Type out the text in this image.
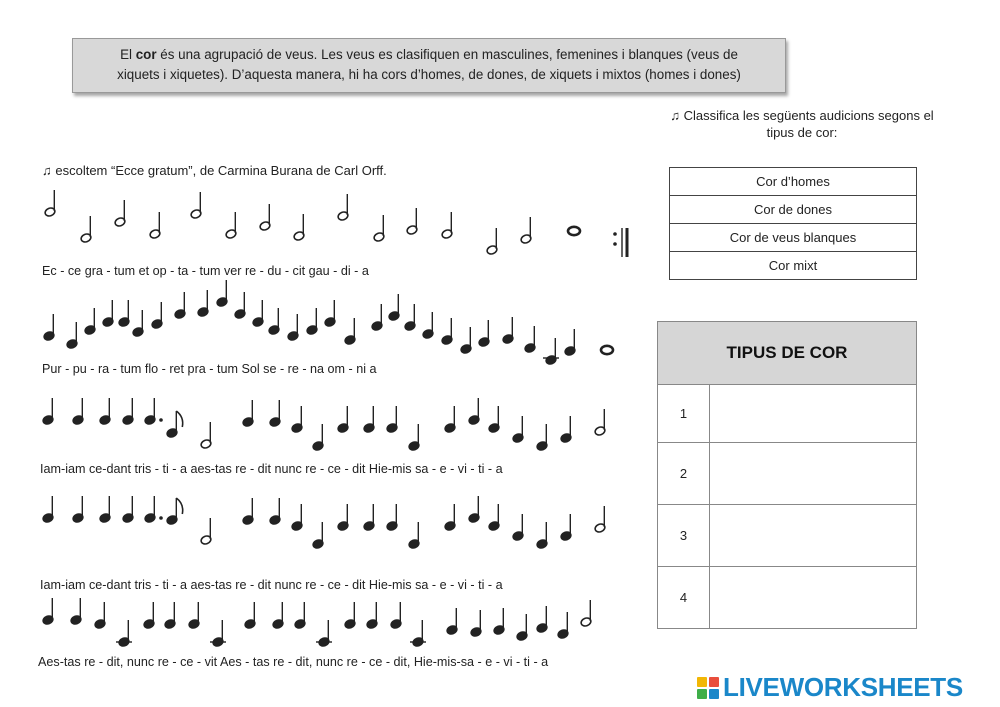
El cor és una agrupació de veus. Les veus es clasifiquen en masculines, femenines i blanques (veus de
xiquets i xiquetes). D’aquesta manera, hi ha cors d’homes, de dones, de xiquets i mixtos (homes i dones)
♫ Classifica les següents audicions segons el
tipus de cor:
♫ escoltem “Ecce gratum”, de Carmina Burana de Carl Orff.
Cor d’homes
Cor de dones
Cor de veus blanques
Cor mixt
TIPUS DE COR	
1	
2	
3	
4	
Ec - ce gra - tum et op - ta - tum ver re - du - cit gau - di - a
Pur - pu - ra - tum flo - ret pra - tum Sol se - re - na om - ni a
Iam-iam ce-dant tris - ti - a aes-tas re - dit nunc re - ce - dit Hie-mis sa - e - vi - ti - a
Iam-iam ce-dant tris - ti - a aes-tas re - dit nunc re - ce - dit Hie-mis sa - e - vi - ti - a
Aes-tas re - dit, nunc re - ce - vit Aes - tas re - dit, nunc re - ce - dit, Hie-mis-sa - e - vi - ti - a
LIVEWORKSHEETS
